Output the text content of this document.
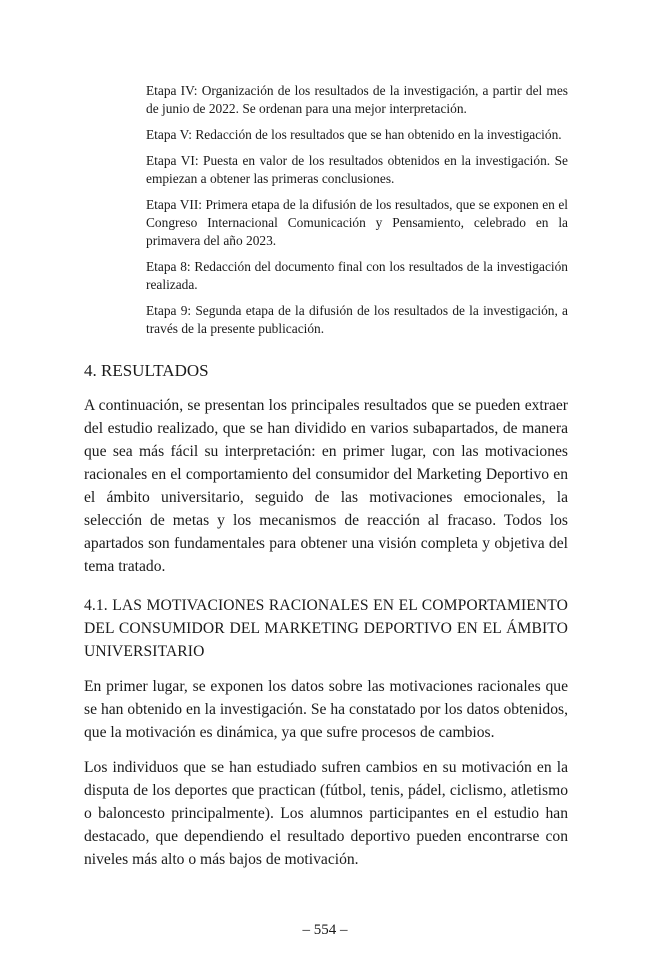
Etapa IV: Organización de los resultados de la investigación, a partir del mes de junio de 2022. Se ordenan para una mejor interpretación.

Etapa V: Redacción de los resultados que se han obtenido en la investigación.

Etapa VI: Puesta en valor de los resultados obtenidos en la investigación. Se empiezan a obtener las primeras conclusiones.

Etapa VII: Primera etapa de la difusión de los resultados, que se exponen en el Congreso Internacional Comunicación y Pensamiento, celebrado en la primavera del año 2023.

Etapa 8: Redacción del documento final con los resultados de la investigación realizada.

Etapa 9: Segunda etapa de la difusión de los resultados de la investigación, a través de la presente publicación.

4. RESULTADOS

A continuación, se presentan los principales resultados que se pueden extraer del estudio realizado, que se han dividido en varios subapartados, de manera que sea más fácil su interpretación: en primer lugar, con las motivaciones racionales en el comportamiento del consumidor del Marketing Deportivo en el ámbito universitario, seguido de las motivaciones emocionales, la selección de metas y los mecanismos de reacción al fracaso. Todos los apartados son fundamentales para obtener una visión completa y objetiva del tema tratado.

4.1. LAS MOTIVACIONES RACIONALES EN EL COMPORTAMIENTO DEL CONSUMIDOR DEL MARKETING DEPORTIVO EN EL ÁMBITO UNIVERSITARIO

En primer lugar, se exponen los datos sobre las motivaciones racionales que se han obtenido en la investigación. Se ha constatado por los datos obtenidos, que la motivación es dinámica, ya que sufre procesos de cambios.

Los individuos que se han estudiado sufren cambios en su motivación en la disputa de los deportes que practican (fútbol, tenis, pádel, ciclismo, atletismo o baloncesto principalmente). Los alumnos participantes en el estudio han destacado, que dependiendo el resultado deportivo pueden encontrarse con niveles más alto o más bajos de motivación.

– 554 –
